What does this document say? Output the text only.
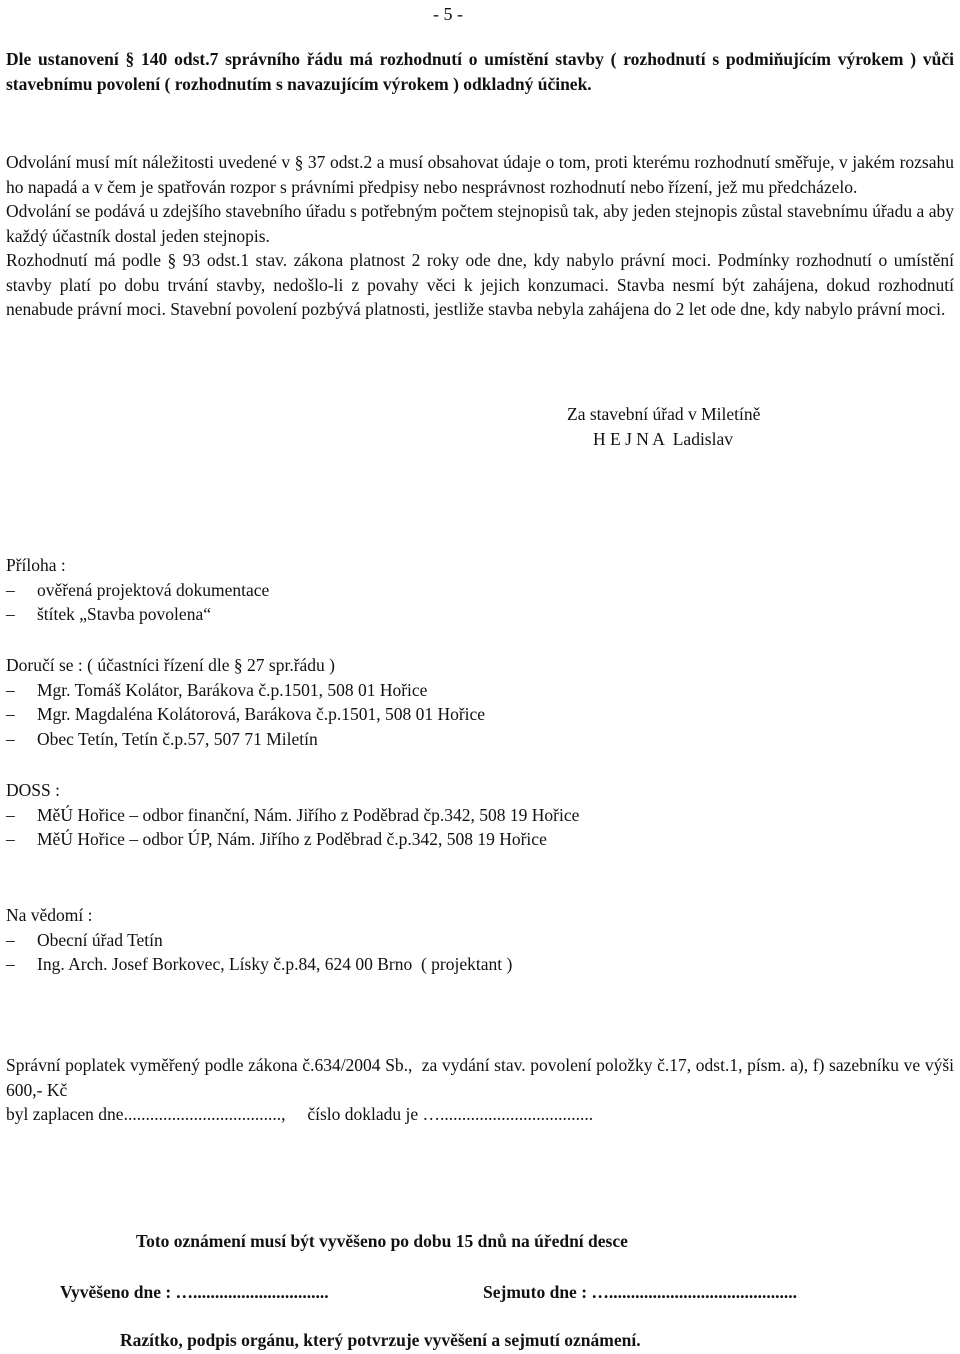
- 5 -

Dle ustanovení § 140 odst.7 správního řádu má rozhodnutí o umístění stavby ( rozhodnutí s podmiňujícím výrokem ) vůči stavebnímu povolení ( rozhodnutím s navazujícím výrokem ) odkladný účinek.

Odvolání musí mít náležitosti uvedené v § 37 odst.2 a musí obsahovat údaje o tom, proti kterému rozhodnutí směřuje, v jakém rozsahu ho napadá a v čem je spatřován rozpor s právními předpisy nebo nesprávnost rozhodnutí nebo řízení, jež mu předcházelo.

Odvolání se podává u zdejšího stavebního úřadu s potřebným počtem stejnopisů tak, aby jeden stejnopis zůstal stavebnímu úřadu a aby každý účastník dostal jeden stejnopis.

Rozhodnutí má podle § 93 odst.1 stav. zákona platnost 2 roky ode dne, kdy nabylo právní moci. Podmínky rozhodnutí o umístění stavby platí po dobu trvání stavby, nedošlo-li z povahy věci k jejich konzumaci. Stavba nesmí být zahájena, dokud rozhodnutí nenabude právní moci. Stavební povolení pozbývá platnosti, jestliže stavba nebyla zahájena do 2 let ode dne, kdy nabylo právní moci.

Za stavební úřad v Miletíně
H E J N A  Ladislav
Příloha :
–	ověřená projektová dokumentace
–	štítek „Stavba povolena“
Doručí se : ( účastníci řízení dle § 27 spr.řádu )
–	Mgr. Tomáš Kolátor, Barákova č.p.1501, 508 01 Hořice
–	Mgr. Magdaléna Kolátorová, Barákova č.p.1501, 508 01 Hořice
–	Obec Tetín, Tetín č.p.57, 507 71 Miletín
DOSS :
–	MěÚ Hořice – odbor finanční, Nám. Jiřího z Poděbrad čp.342, 508 19 Hořice
–	MěÚ Hořice – odbor ÚP, Nám. Jiřího z Poděbrad č.p.342, 508 19 Hořice
Na vědomí :
–	Obecní úřad Tetín
–	Ing. Arch. Josef Borkovec, Lísky č.p.84, 624 00 Brno  ( projektant )

Správní poplatek vyměřený podle zákona č.634/2004 Sb.,  za vydání stav. povolení položky č.17, odst.1, písm. a), f) sazebníku ve výši 600,- Kč

byl zaplacen dne....................................,     číslo dokladu je …...................................

Toto oznámení musí být vyvěšeno po dobu 15 dnů na úřední desce
Vyvěšeno dne : …...............................	Sejmuto dne : …...........................................
Razítko, podpis orgánu, který potvrzuje vyvěšení a sejmutí oznámení.
